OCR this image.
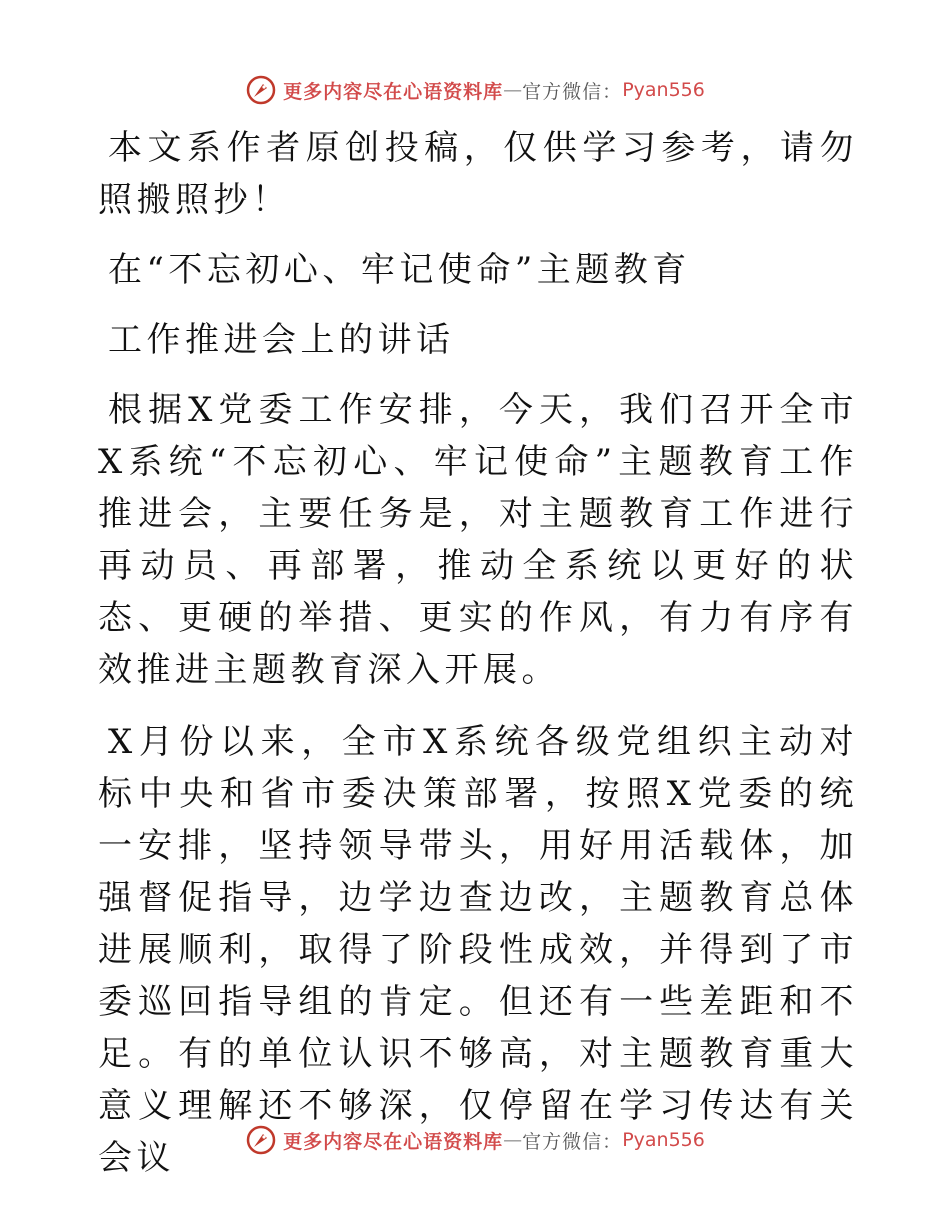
更多内容尽在心语资料库 — 官方微信： Pyan556

本文系作者原创投稿，仅供学习参考，请勿照搬照抄！

在“不忘初心、牢记使命”主题教育

工作推进会上的讲话

根据X党委工作安排，今天，我们召开全市X系统“不忘初心、牢记使命”主题教育工作推进会，主要任务是，对主题教育工作进行再动员、再部署，推动全系统以更好的状态、更硬的举措、更实的作风，有力有序有效推进主题教育深入开展。

X月份以来，全市X系统各级党组织主动对标中央和省市委决策部署，按照X党委的统一安排，坚持领导带头，用好用活载体，加强督促指导，边学边查边改，主题教育总体进展顺利，取得了阶段性成效，并得到了市委巡回指导组的肯定。但还有一些差距和不足。有的单位认识不够高，对主题教育重大意义理解还不够深，仅停留在学习传达有关会议	更多内容尽在心语资料库 — 官方微信： Pyan556
